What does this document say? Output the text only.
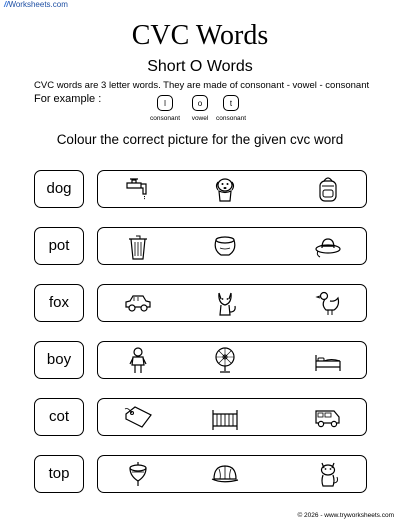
//Worksheets.com
CVC Words
Short O Words
CVC words are 3 letter words. They are made of consonant - vowel - consonant
For example :	l	o	t
consonant	vowel	consonant
Colour the correct picture for the given cvc word
dog
pot
fox
boy
cot
top
© 2026 - www.tryworksheets.com
